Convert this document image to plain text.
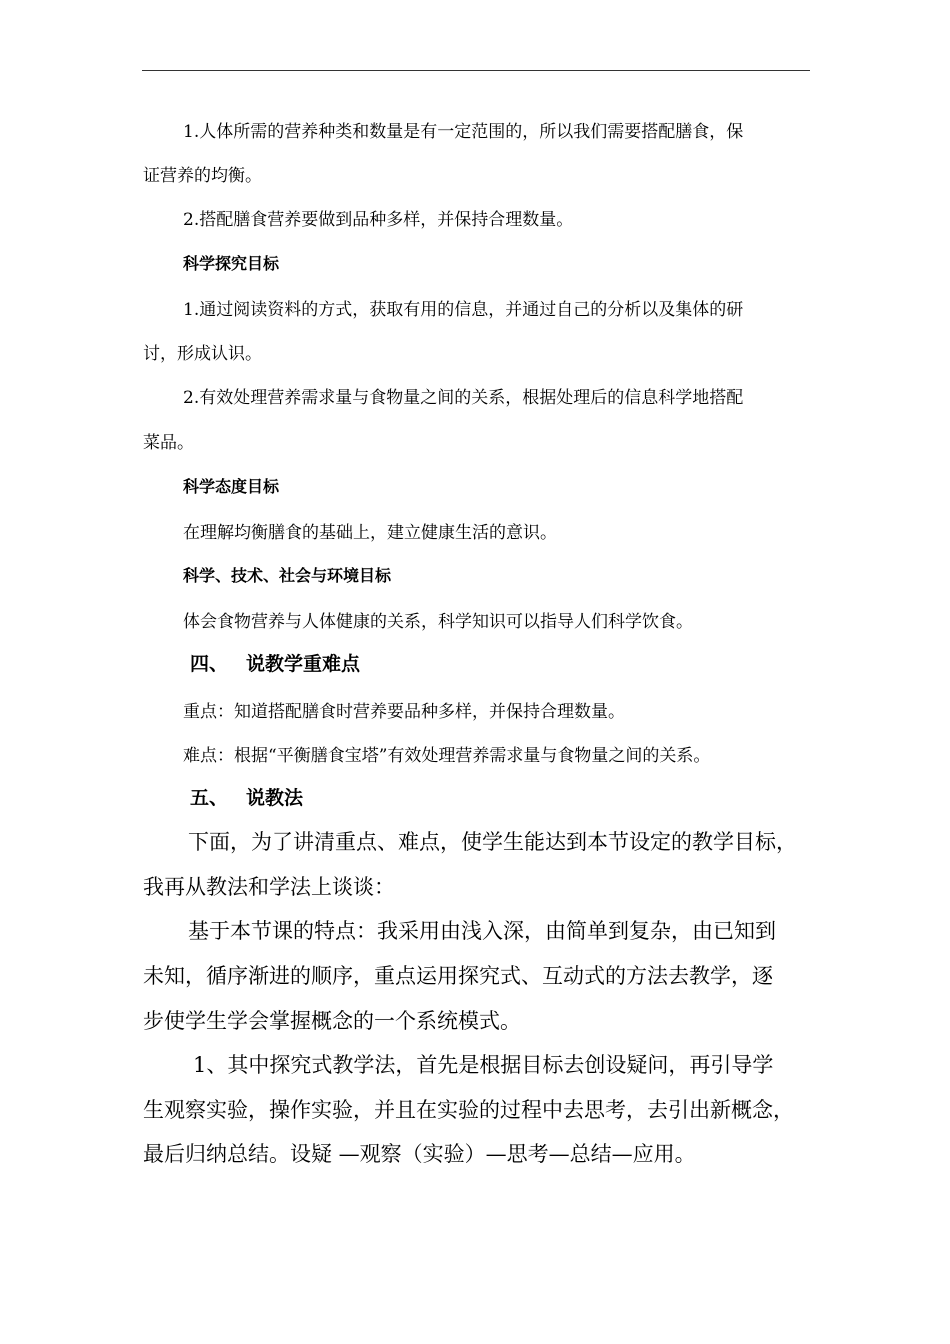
1.人体所需的营养种类和数量是有一定范围的，所以我们需要搭配膳食，保
证营养的均衡。
2.搭配膳食营养要做到品种多样，并保持合理数量。
科学探究目标
1.通过阅读资料的方式，获取有用的信息，并通过自己的分析以及集体的研
讨，形成认识。
2.有效处理营养需求量与食物量之间的关系，根据处理后的信息科学地搭配
菜品。
科学态度目标
在理解均衡膳食的基础上，建立健康生活的意识。
科学、技术、社会与环境目标
体会食物营养与人体健康的关系，科学知识可以指导人们科学饮食。
四、 说教学重难点
重点：知道搭配膳食时营养要品种多样，并保持合理数量。
难点：根据“平衡膳食宝塔”有效处理营养需求量与食物量之间的关系。
五、 说教法
下面，为了讲清重点、难点，使学生能达到本节设定的教学目标，
我再从教法和学法上谈谈：
基于本节课的特点：我采用由浅入深，由简单到复杂，由已知到
未知，循序渐进的顺序，重点运用探究式、互动式的方法去教学，逐
步使学生学会掌握概念的一个系统模式。
1、其中探究式教学法，首先是根据目标去创设疑问，再引导学
生观察实验，操作实验，并且在实验的过程中去思考，去引出新概念，
最后归纳总结。设疑 —观察（实验）—思考—总结—应用。
